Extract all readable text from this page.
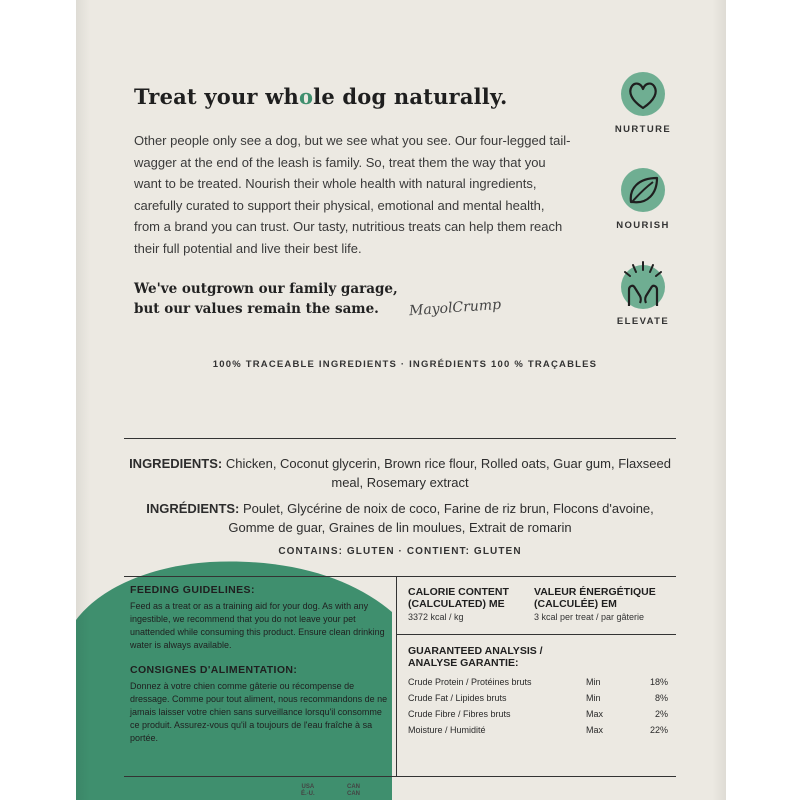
Treat your whole dog naturally.

Other people only see a dog, but we see what you see. Our four-legged tail-wagger at the end of the leash is family. So, treat them the way that you want to be treated. Nourish their whole health with natural ingredients, carefully curated to support their physical, emotional and mental health, from a brand you can trust. Our tasty, nutritious treats can help them reach their full potential and live their best life.

We've outgrown our family garage,
but our values remain the same.	MayolCrump
NURTURE
NOURISH
ELEVATE
100% TRACEABLE INGREDIENTS · INGRÉDIENTS 100 % TRAÇABLES

INGREDIENTS: Chicken, Coconut glycerin, Brown rice flour, Rolled oats, Guar gum, Flaxseed meal, Rosemary extract

INGRÉDIENTS: Poulet, Glycérine de noix de coco, Farine de riz brun, Flocons d'avoine, Gomme de guar, Graines de lin moulues, Extrait de romarin

CONTAINS: GLUTEN · CONTIENT: GLUTEN
FEEDING GUIDELINES:

Feed as a treat or as a training aid for your dog. As with any ingestible, we recommend that you do not leave your pet unattended while consuming this product. Ensure clean drinking water is always available.

CONSIGNES D'ALIMENTATION:

Donnez à votre chien comme gâterie ou récompense de dressage. Comme pour tout aliment, nous recommandons de ne jamais laisser votre chien sans surveillance lorsqu'il consomme ce produit. Assurez-vous qu'il a toujours de l'eau fraîche à sa portée.

CALORIE CONTENT
(CALCULATED) ME
3372 kcal / kg
VALEUR ÉNERGÉTIQUE
(CALCULÉE) EM
3 kcal per treat / par gâterie
GUARANTEED ANALYSIS /
ANALYSE GARANTIE:
Crude Protein / Protéines bruts	Min	18%
Crude Fat / Lipides bruts	Min	8%
Crude Fibre / Fibres bruts	Max	2%
Moisture / Humidité	Max	22%
USA
É.-U.
CAN
CAN
